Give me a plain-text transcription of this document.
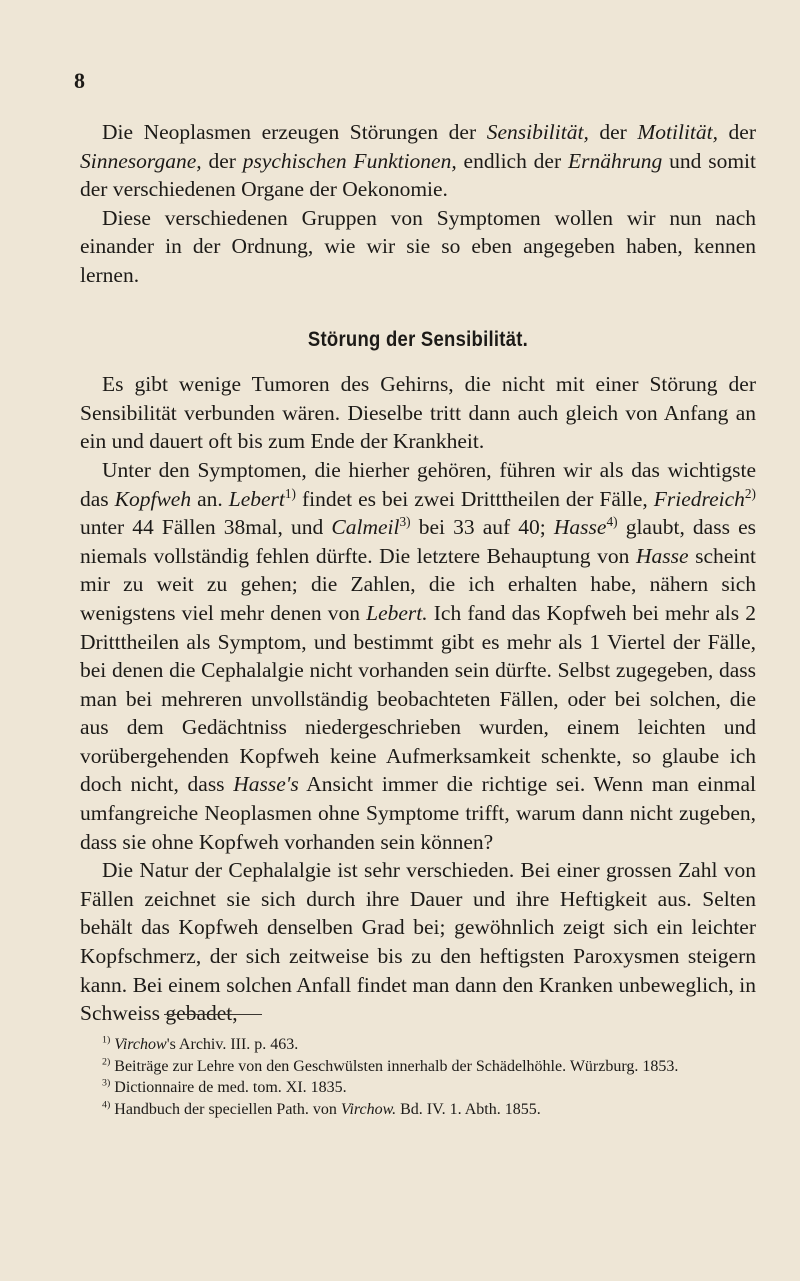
8

Die Neoplasmen erzeugen Störungen der Sensibilität, der Motilität, der Sinnesorgane, der psychischen Funktionen, endlich der Ernährung und somit der verschiedenen Organe der Oekonomie.

Diese verschiedenen Gruppen von Symptomen wollen wir nun nach einander in der Ordnung, wie wir sie so eben angegeben haben, kennen lernen.

Störung der Sensibilität.

Es gibt wenige Tumoren des Gehirns, die nicht mit einer Störung der Sensibilität verbunden wären. Dieselbe tritt dann auch gleich von Anfang an ein und dauert oft bis zum Ende der Krankheit.

Unter den Symptomen, die hierher gehören, führen wir als das wichtigste das Kopfweh an. Lebert$^{1)}$ findet es bei zwei Dritttheilen der Fälle, Friedreich$^{2)}$ unter 44 Fällen 38mal, und Calmeil$^{3)}$ bei 33 auf 40; Hasse$^{4)}$ glaubt, dass es niemals vollständig fehlen dürfte. Die letztere Behauptung von Hasse scheint mir zu weit zu gehen; die Zahlen, die ich erhalten habe, nähern sich wenigstens viel mehr denen von Lebert. Ich fand das Kopfweh bei mehr als 2 Dritttheilen als Symptom, und bestimmt gibt es mehr als 1 Viertel der Fälle, bei denen die Cephalalgie nicht vorhanden sein dürfte. Selbst zugegeben, dass man bei mehreren unvollständig beobachteten Fällen, oder bei solchen, die aus dem Gedächtniss niedergeschrieben wurden, einem leichten und vorübergehenden Kopfweh keine Aufmerksamkeit schenkte, so glaube ich doch nicht, dass Hasse's Ansicht immer die richtige sei. Wenn man einmal umfangreiche Neoplasmen ohne Symptome trifft, warum dann nicht zugeben, dass sie ohne Kopfweh vorhanden sein können?

Die Natur der Cephalalgie ist sehr verschieden. Bei einer grossen Zahl von Fällen zeichnet sie sich durch ihre Dauer und ihre Heftigkeit aus. Selten behält das Kopfweh denselben Grad bei; gewöhnlich zeigt sich ein leichter Kopfschmerz, der sich zeitweise bis zu den heftigsten Paroxysmen steigern kann. Bei einem solchen Anfall findet man dann den Kranken unbeweglich, in Schweiss gebadet,

$^{1)}$ Virchow's Archiv. III. p. 463.

$^{2)}$ Beiträge zur Lehre von den Geschwülsten innerhalb der Schädelhöhle. Würzburg. 1853.

$^{3)}$ Dictionnaire de med. tom. XI. 1835.

$^{4)}$ Handbuch der speciellen Path. von Virchow. Bd. IV. 1. Abth. 1855.
